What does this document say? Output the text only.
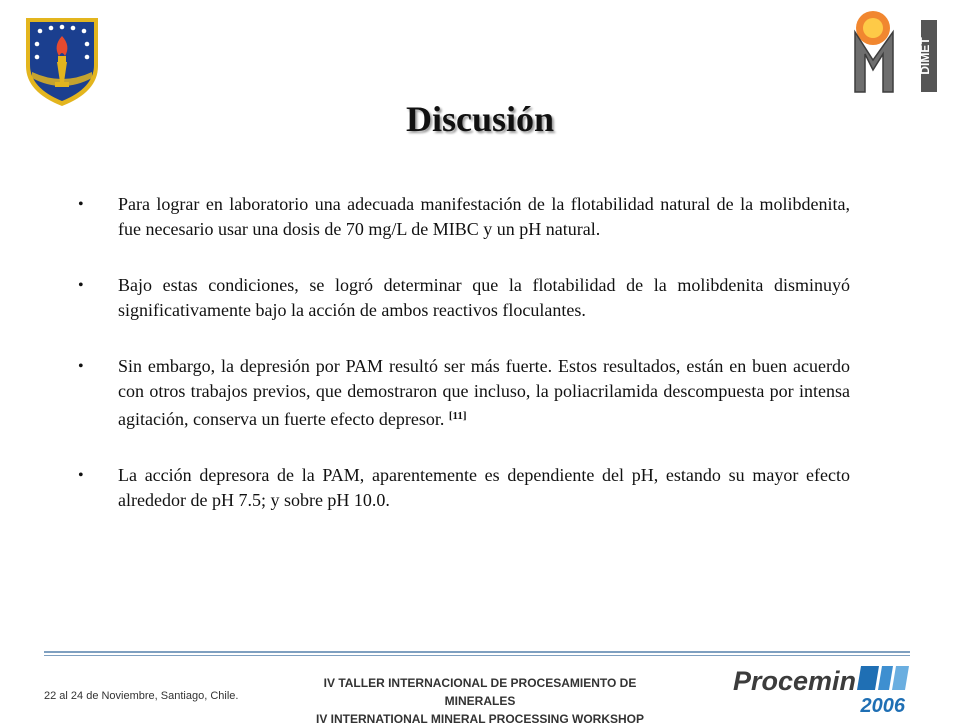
DIMET
Discusión
• Para lograr en laboratorio una adecuada manifestación de la flotabilidad natural de la molibdenita, fue necesario usar una dosis de 70 mg/L de MIBC y un pH natural.
• Bajo estas condiciones, se logró determinar que la flotabilidad de la molibdenita disminuyó significativamente bajo la acción de ambos reactivos floculantes.
• Sin embargo, la depresión por PAM resultó ser más fuerte. Estos resultados, están en buen acuerdo con otros trabajos previos, que demostraron que incluso, la poliacrilamida descompuesta por intensa agitación, conserva un fuerte efecto depresor. [11]
• La acción depresora de la PAM, aparentemente es dependiente del pH, estando su mayor efecto alrededor de pH 7.5; y sobre pH 10.0.
22 al 24 de Noviembre, Santiago, Chile.
IV TALLER INTERNACIONAL DE PROCESAMIENTO DE MINERALES
IV INTERNATIONAL MINERAL PROCESSING WORKSHOP
Procemin
2006
